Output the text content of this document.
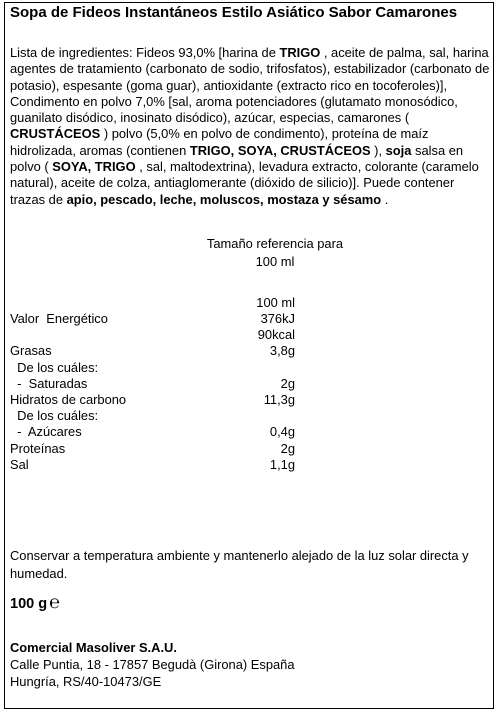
Sopa de Fideos Instantáneos Estilo Asiático Sabor Camarones
Lista de ingredientes: Fideos 93,0% [harina de TRIGO , aceite de palma, sal, harina agentes de tratamiento (carbonato de sodio, trifosfatos), estabilizador (carbonato de potasio), espesante (goma guar), antioxidante (extracto rico en tocoferoles)], Condimento en polvo 7,0% [sal, aroma potenciadores (glutamato monosódico, guanilato disódico, inosinato disódico), azúcar, especias, camarones ( CRUSTÁCEOS ) polvo (5,0% en polvo de condimento), proteína de maíz hidrolizada, aromas (contienen TRIGO, SOYA, CRUSTÁCEOS ), soja salsa en polvo ( SOYA, TRIGO , sal, maltodextrina), levadura extracto, colorante (caramelo natural), aceite de colza, antiaglomerante (dióxido de silicio)]. Puede contener trazas de apio, pescado, leche, moluscos, mostaza y sésamo .
Tamaño referencia para
100 ml
100 ml
Valor  Energético	376kJ
90kcal
Grasas	3,8g
De los cuáles:
-  Saturadas	2g
Hidratos de carbono	11,3g
De los cuáles:
-  Azúcares	0,4g
Proteínas	2g
Sal	1,1g
Conservar a temperatura ambiente y mantenerlo alejado de la luz solar directa y humedad.
100 g ℮
Comercial Masoliver S.A.U.
Calle Puntia, 18 - 17857 Begudà (Girona) España
Hungría, RS/40-10473/GE
